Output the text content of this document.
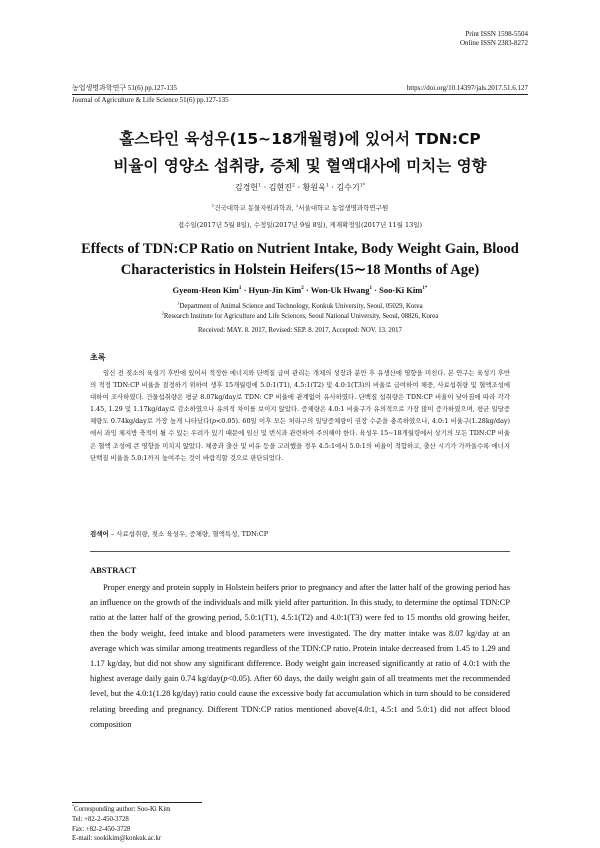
Print ISSN 1598-5504
Online ISSN 2383-8272
농업생명과학연구 51(6) pp.127-135	https://doi.org/10.14397/jals.2017.51.6.127
Journal of Agriculture & Life Science 51(6) pp.127-135
홀스타인 육성우(15∼18개월령)에 있어서 TDN:CP
비율이 영양소 섭취량, 증체 및 혈액대사에 미치는 영향
김경헌$^1$ · 김현진$^2$ · 황원욱$^1$ · 김수기$^{1*}$
$^1$건국대학교 동물자원과학과, $^2$서울대학교 농업생명과학연구원
접수일(2017년 5월 8일), 수정일(2017년 9월 8일), 게재확정일(2017년 11월 13일)
Effects of TDN:CP Ratio on Nutrient Intake, Body Weight Gain, Blood
Characteristics in Holstein Heifers(15∼18 Months of Age)
Gyeom-Heon Kim$^1$ · Hyun-Jin Kim$^2$ · Won-Uk Hwang$^1$ · Soo-Ki Kim$^{1*}$
$^1$Department of Animal Science and Technology, Konkuk University, Seoul, 05029, Korea
$^2$Research Institute for Agriculture and Life Sciences, Seoul National University, Seoul, 08826, Korea
Received: MAY. 8. 2017, Revised: SEP. 8. 2017, Accepted: NOV. 13. 2017
초록
임신 전 젖소의 육성기 후반에 있어서 적정한 에너지와 단백질 급여 관리는 개체의 성장과 분만 후 유생산에 영향을 미친다. 본 연구는 육성기 후반의 적정 TDN:CP 비율을 결정하기 위하여 생후 15개월령에 5.0:1(T1), 4.5:1(T2) 및 4.0:1(T3)의 비율로 급여하여 체중, 사료섭취량 및 혈액조성에 대하여 조사하였다. 건물섭취량은 평균 8.07kg/day로 TDN: CP 비율에 관계없이 유사하였다. 단백질 섭취량은 TDN:CP 비율이 낮아짐에 따라 각각 1.45, 1.29 및 1.17kg/day로 감소하였으나 유의적 차이를 보이지 않았다. 증체량은 4.0:1 비율구가 유의적으로 가장 많이 증가하였으며, 평균 일당증체량도 0.74kg/day로 가장 높게 나타났다(p<0.05). 60일 이후 모든 처리구의 일당증체량이 권장 수준을 충족하였으나, 4.0:1 비율구(1.28kg/day)에서 과잉 체지방 축적이 될 수 있는 우려가 있기 때문에 임신 및 번식과 관련하여 주의해야 한다. 육성우 15∼18개월령에서 상기의 모든 TDN:CP 비율은 혈액 조성에 큰 영향을 미치지 않았다. 체중과 출산 및 비유 등을 고려했을 경우 4.5:1에서 5.0:1의 비율이 적합하고, 출산 시기가 가까울수록 에너지 단백질 비율을 5.0:1까지 높여주는 것이 바람직할 것으로 판단되었다.
검색어 – 사료섭취량, 젖소 육성우, 증체량, 혈액특성, TDN:CP
ABSTRACT
Proper energy and protein supply in Holstein heifers prior to pregnancy and after the latter half of the growing period has an influence on the growth of the individuals and milk yield after parturition. In this study, to determine the optimal TDN:CP ratio at the latter half of the growing period, 5.0:1(T1), 4.5:1(T2) and 4.0:1(T3) were fed to 15 months old growing heifer, then the body weight, feed intake and blood parameters were investigated. The dry matter intake was 8.07 kg/day at an average which was similar among treatments regardless of the TDN:CP ratio. Protein intake decreased from 1.45 to 1.29 and 1.17 kg/day, but did not show any significant difference. Body weight gain increased significantly at ratio of 4.0:1 with the highest average daily gain 0.74 kg/day(p<0.05). After 60 days, the daily weight gain of all treatments met the recommended level, but the 4.0:1(1.28 kg/day) ratio could cause the excessive body fat accumulation which in turn should to be considered relating breeding and pregnancy. Different TDN:CP ratios mentioned above(4.0:1, 4.5:1 and 5.0:1) did not affect blood composition
*Corresponding author: Soo-Ki Kim
Tel: +82-2-450-3728
Fax: +82-2-450-3728
E-mail: sookikim@konkuk.ac.kr
